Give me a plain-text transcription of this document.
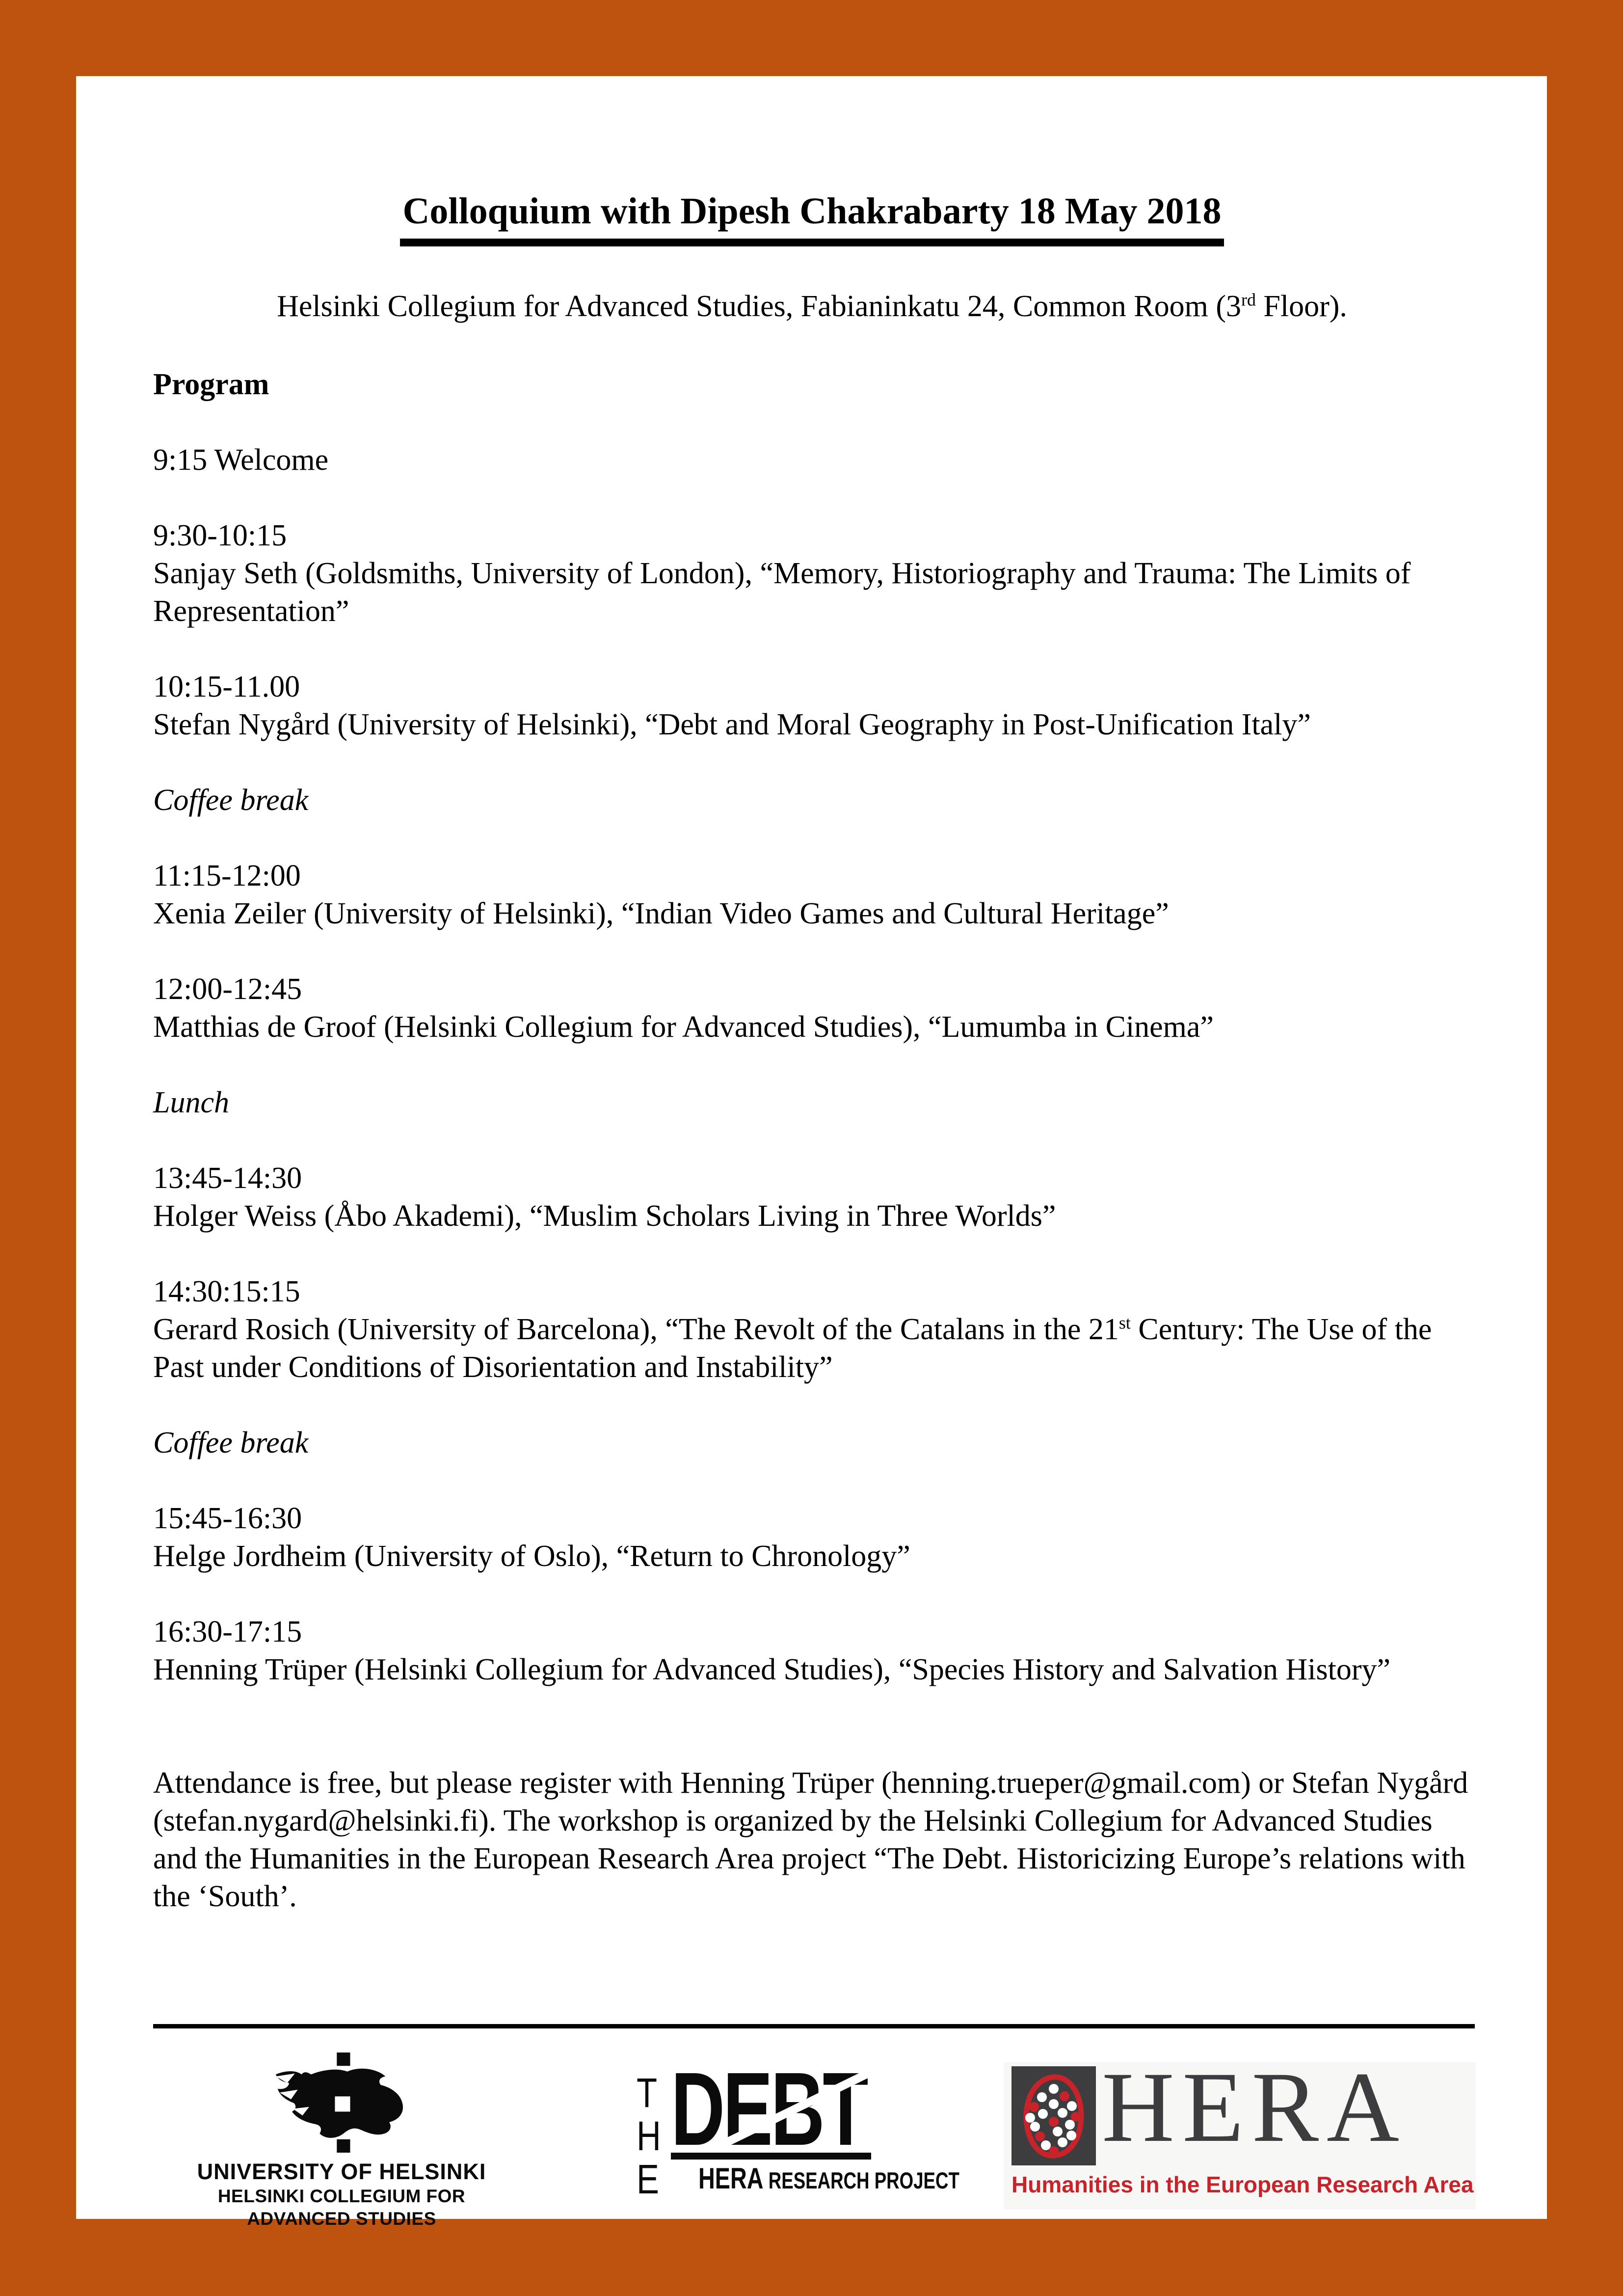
Colloquium with Dipesh Chakrabarty 18 May 2018

Helsinki Collegium for Advanced Studies, Fabianinkatu 24, Common Room (3rd Floor).

Program

9:15 Welcome

9:30-10:15

Sanjay Seth (Goldsmiths, University of London), “Memory, Historiography and Trauma: The Limits of Representation”

10:15-11.00

Stefan Nygård (University of Helsinki), “Debt and Moral Geography in Post-Unification Italy”

Coffee break

11:15-12:00

Xenia Zeiler (University of Helsinki), “Indian Video Games and Cultural Heritage”

12:00-12:45

Matthias de Groof (Helsinki Collegium for Advanced Studies), “Lumumba in Cinema”

Lunch

13:45-14:30

Holger Weiss (Åbo Akademi), “Muslim Scholars Living in Three Worlds”

14:30:15:15

Gerard Rosich (University of Barcelona), “The Revolt of the Catalans in the 21st Century: The Use of the Past under Conditions of Disorientation and Instability”

Coffee break

15:45-16:30

Helge Jordheim (University of Oslo), “Return to Chronology”

16:30-17:15

Henning Trüper (Helsinki Collegium for Advanced Studies), “Species History and Salvation History”

Attendance is free, but please register with Henning Trüper (henning.trueper@gmail.com) or Stefan Nygård (stefan.nygard@helsinki.fi). The workshop is organized by the Helsinki Collegium for Advanced Studies and the Humanities in the European Research Area project “The Debt. Historicizing Europe’s relations with the ‘South’.

UNIVERSITY OF HELSINKI
HELSINKI COLLEGIUM FOR ADVANCED STUDIES
T
H
E
DEBT
HERA RESEARCH PROJECT
HERA
Humanities in the European Research Area
